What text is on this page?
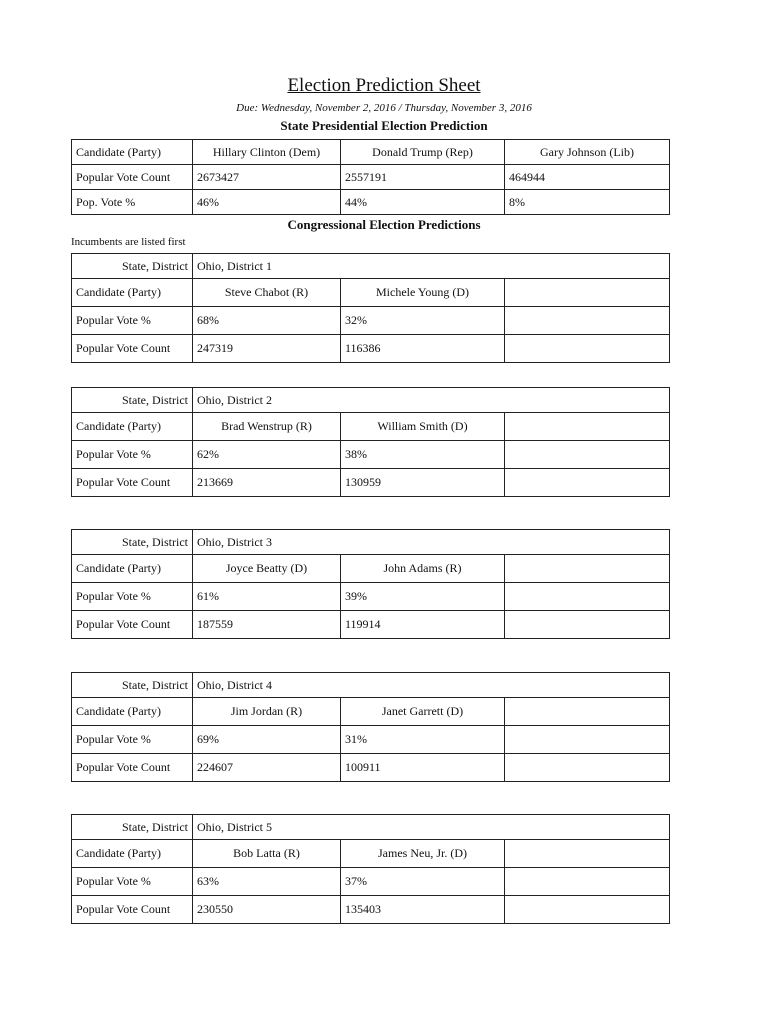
Election Prediction Sheet
Due: Wednesday, November 2, 2016 / Thursday, November 3, 2016
State Presidential Election Prediction
Candidate (Party)	Hillary Clinton (Dem)	Donald Trump (Rep)	Gary Johnson (Lib)
Popular Vote Count	2673427	2557191	464944
Pop. Vote %	46%	44%	8%
Congressional Election Predictions
Incumbents are listed first
State, District	Ohio, District 1		
Candidate (Party)	Steve Chabot (R)	Michele Young (D)	
Popular Vote %	68%	32%	
Popular Vote Count	247319	116386	
State, District	Ohio, District 2		
Candidate (Party)	Brad Wenstrup (R)	William Smith (D)	
Popular Vote %	62%	38%	
Popular Vote Count	213669	130959	
State, District	Ohio, District 3		
Candidate (Party)	Joyce Beatty (D)	John Adams (R)	
Popular Vote %	61%	39%	
Popular Vote Count	187559	119914	
State, District	Ohio, District 4		
Candidate (Party)	Jim Jordan (R)	Janet Garrett (D)	
Popular Vote %	69%	31%	
Popular Vote Count	224607	100911	
State, District	Ohio, District 5		
Candidate (Party)	Bob Latta (R)	James Neu, Jr. (D)	
Popular Vote %	63%	37%	
Popular Vote Count	230550	135403	
